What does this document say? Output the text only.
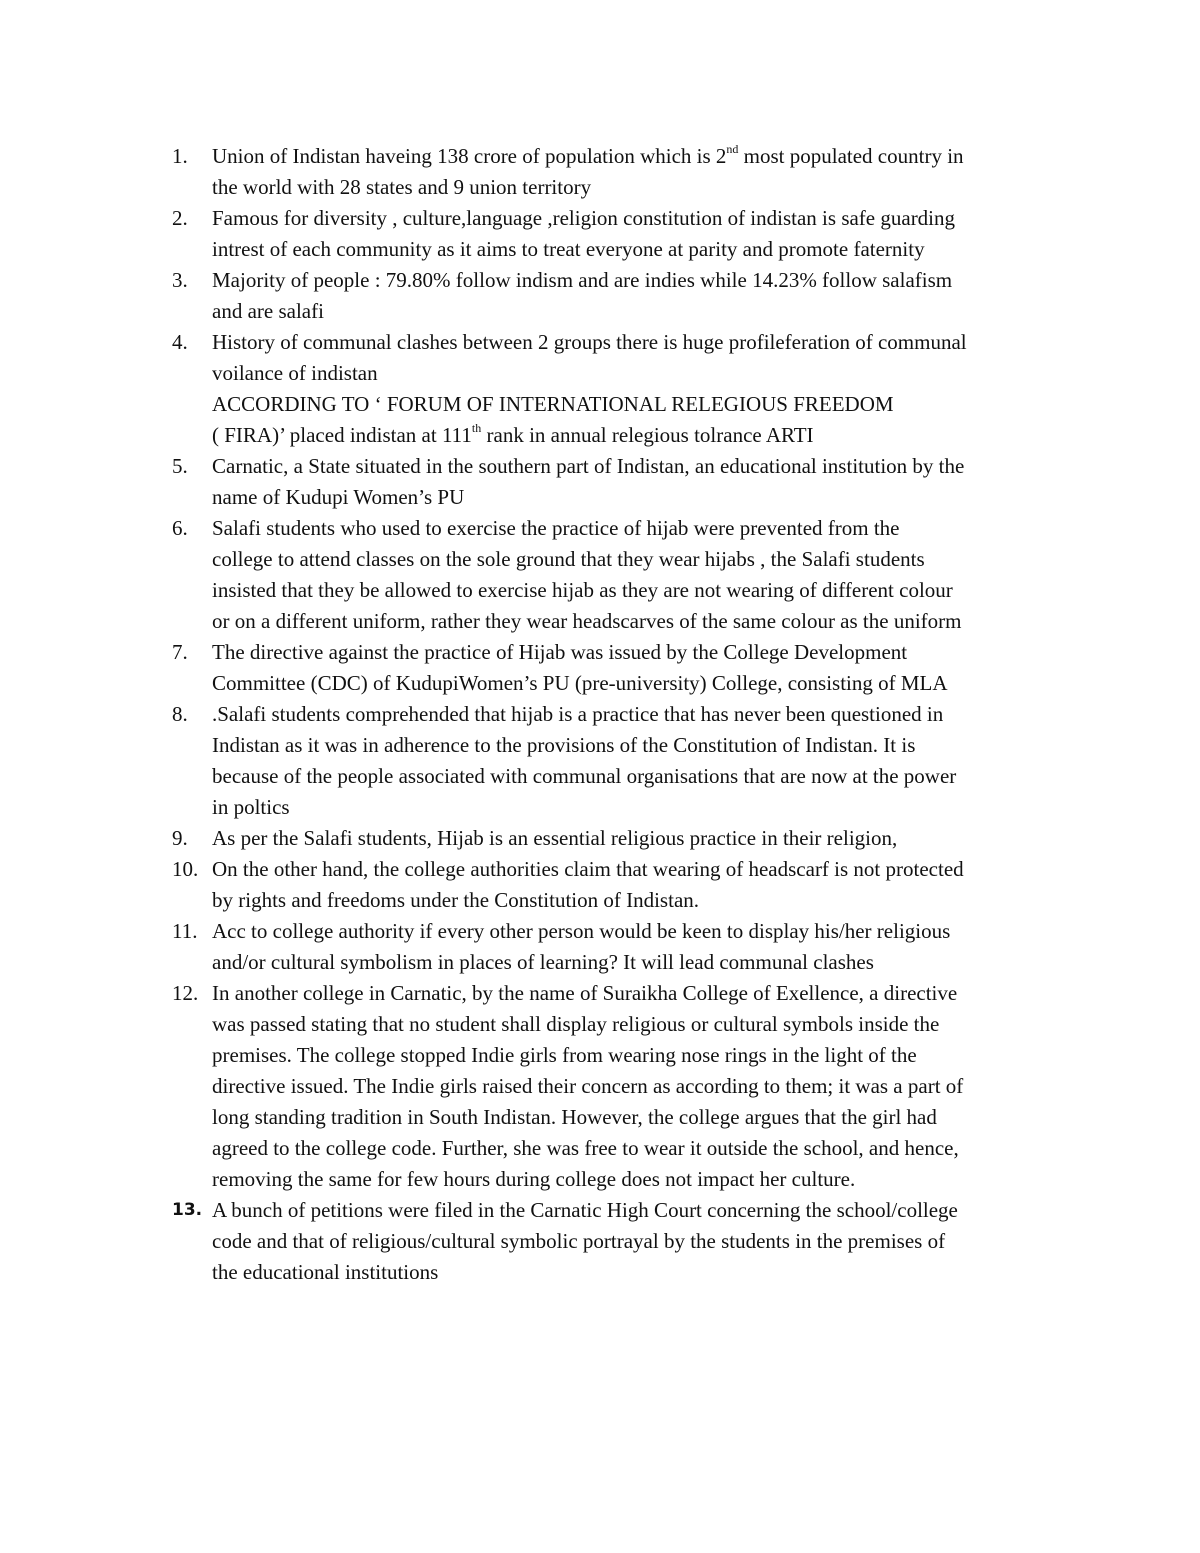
1.	Union of Indistan haveing 138 crore of population which is 2nd most populated country in
the world with 28 states and 9 union territory
2.	Famous for diversity , culture,language ,religion constitution of indistan is safe guarding
intrest of each community as it aims to treat everyone at parity and promote faternity
3.	Majority of people : 79.80% follow indism and are indies while 14.23% follow salafism
and are salafi
4.	History of communal clashes between 2 groups there is huge profileferation of communal
voilance of indistan
ACCORDING TO ‘ FORUM OF INTERNATIONAL RELEGIOUS FREEDOM
( FIRA)’ placed indistan at 111th rank in annual relegious tolrance ARTI
5.	Carnatic, a State situated in the southern part of Indistan, an educational institution by the
name of Kudupi Women’s PU
6.	Salafi students who used to exercise the practice of hijab were prevented from the
college to attend classes on the sole ground that they wear hijabs , the Salafi students
insisted that they be allowed to exercise hijab as they are not wearing of different colour
or on a different uniform, rather they wear headscarves of the same colour as the uniform
7.	The directive against the practice of Hijab was issued by the College Development
Committee (CDC) of KudupiWomen’s PU (pre-university) College, consisting of MLA
8.	.Salafi students comprehended that hijab is a practice that has never been questioned in
Indistan as it was in adherence to the provisions of the Constitution of Indistan. It is
because of the people associated with communal organisations that are now at the power
in poltics
9.	As per the Salafi students, Hijab is an essential religious practice in their religion,
10. On the other hand, the college authorities claim that wearing of headscarf is not protected
by rights and freedoms under the Constitution of Indistan.
11. Acc to college authority if every other person would be keen to display his/her religious
and/or cultural symbolism in places of learning? It will lead communal clashes
12. In another college in Carnatic, by the name of Suraikha College of Exellence, a directive
was passed stating that no student shall display religious or cultural symbols inside the
premises. The college stopped Indie girls from wearing nose rings in the light of the
directive issued. The Indie girls raised their concern as according to them; it was a part of
long standing tradition in South Indistan. However, the college argues that the girl had
agreed to the college code. Further, she was free to wear it outside the school, and hence,
removing the same for few hours during college does not impact her culture.
13. A bunch of petitions were filed in the Carnatic High Court concerning the school/college
code and that of religious/cultural symbolic portrayal by the students in the premises of
the educational institutions
